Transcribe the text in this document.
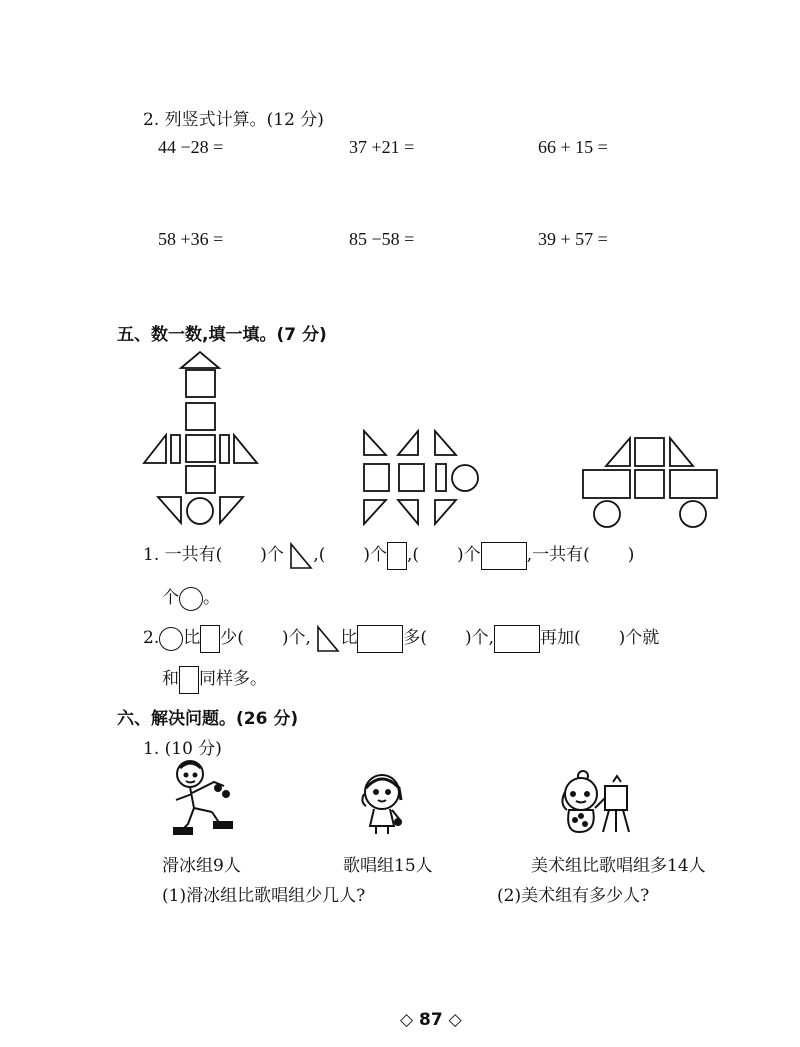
2. 列竖式计算。(12 分)
44 −28 =	37 +21 =	66 + 15 =
58 +36 =	85 −58 =	39 + 57 =
五、数一数,填一填。(7 分)
1. 一共有( )个 ,( )个 ,( )个	,一共有( )
个 。
2. 比 少( )个, 比	多( )个,	再加( )个就
和 同样多。
六、解决问题。(26 分)
1. (10 分)
滑冰组9人	歌唱组15人	美术组比歌唱组多14人
(1)滑冰组比歌唱组少几人?	(2)美术组有多少人?
◇ 87 ◇
